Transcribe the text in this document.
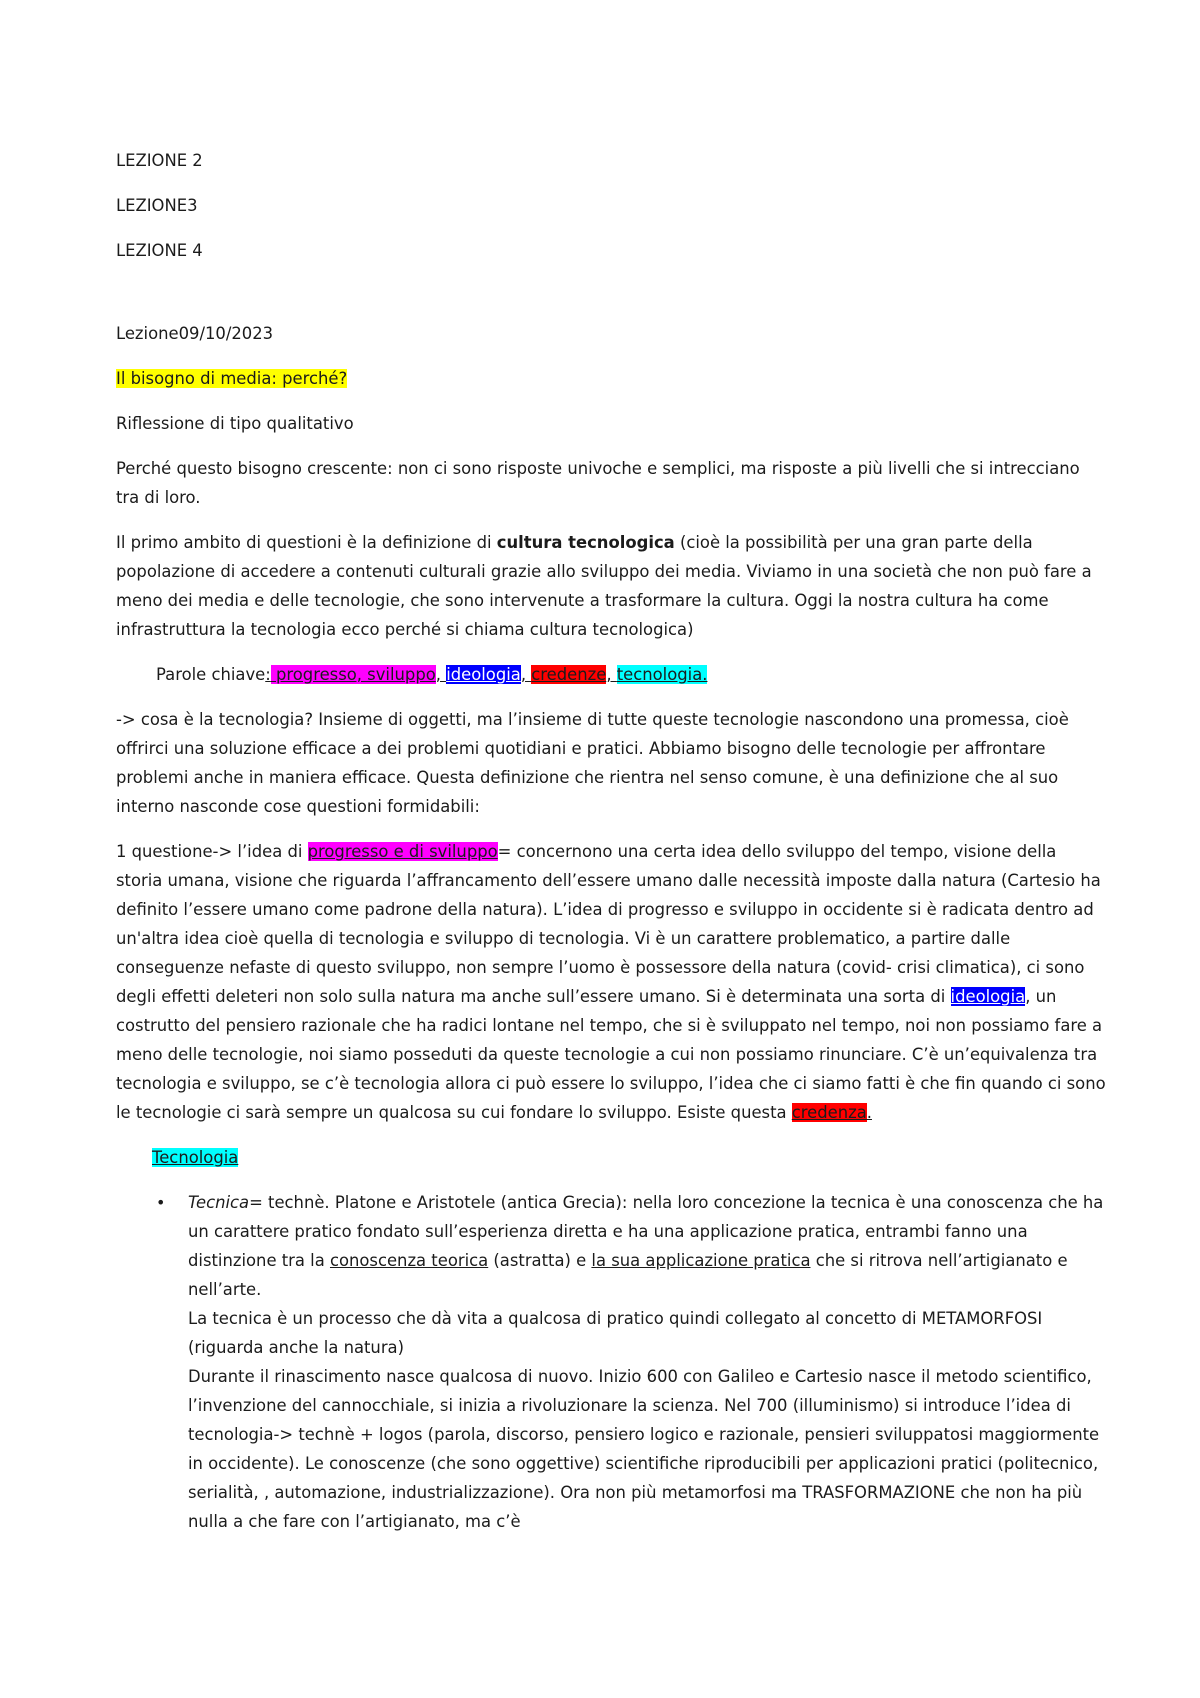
LEZIONE 2

LEZIONE3

LEZIONE 4

Lezione09/10/2023

Il bisogno di media: perché?

Riflessione di tipo qualitativo

Perché questo bisogno crescente: non ci sono risposte univoche e semplici, ma risposte a più livelli che si intrecciano tra di loro.

Il primo ambito di questioni è la definizione di cultura tecnologica (cioè la possibilità per una gran parte della popolazione di accedere a contenuti culturali grazie allo sviluppo dei media. Viviamo in una società che non può fare a meno dei media e delle tecnologie, che sono intervenute a trasformare la cultura. Oggi la nostra cultura ha come infrastruttura la tecnologia ecco perché si chiama cultura tecnologica)

Parole chiave: progresso, sviluppo, ideologia, credenze, tecnologia.

-> cosa è la tecnologia? Insieme di oggetti, ma l’insieme di tutte queste tecnologie nascondono una promessa, cioè offrirci una soluzione efficace a dei problemi quotidiani e pratici. Abbiamo bisogno delle tecnologie per affrontare problemi anche in maniera efficace. Questa definizione che rientra nel senso comune, è una definizione che al suo interno nasconde cose questioni formidabili:

1 questione-> l’idea di progresso e di sviluppo= concernono una certa idea dello sviluppo del tempo, visione della storia umana, visione che riguarda l’affrancamento dell’essere umano dalle necessità imposte dalla natura (Cartesio ha definito l’essere umano come padrone della natura). L’idea di progresso e sviluppo in occidente si è radicata dentro ad un'altra idea cioè quella di tecnologia e sviluppo di tecnologia. Vi è un carattere problematico, a partire dalle conseguenze nefaste di questo sviluppo, non sempre l’uomo è possessore della natura (covid- crisi climatica), ci sono degli effetti deleteri non solo sulla natura ma anche sull’essere umano. Si è determinata una sorta di ideologia, un costrutto del pensiero razionale che ha radici lontane nel tempo, che si è sviluppato nel tempo, noi non possiamo fare a meno delle tecnologie, noi siamo posseduti da queste tecnologie a cui non possiamo rinunciare. C’è un’equivalenza tra tecnologia e sviluppo, se c’è tecnologia allora ci può essere lo sviluppo, l’idea che ci siamo fatti è che fin quando ci sono le tecnologie ci sarà sempre un qualcosa su cui fondare lo sviluppo. Esiste questa credenza.

Tecnologia

• Tecnica= technè. Platone e Aristotele (antica Grecia): nella loro concezione la tecnica è una conoscenza che ha un carattere pratico fondato sull’esperienza diretta e ha una applicazione pratica, entrambi fanno una distinzione tra la conoscenza teorica (astratta) e la sua applicazione pratica che si ritrova nell’artigianato e nell’arte.

La tecnica è un processo che dà vita a qualcosa di pratico quindi collegato al concetto di METAMORFOSI (riguarda anche la natura)

Durante il rinascimento nasce qualcosa di nuovo. Inizio 600 con Galileo e Cartesio nasce il metodo scientifico, l’invenzione del cannocchiale, si inizia a rivoluzionare la scienza. Nel 700 (illuminismo) si introduce l’idea di tecnologia-> technè + logos (parola, discorso, pensiero logico e razionale, pensieri sviluppatosi maggiormente in occidente). Le conoscenze (che sono oggettive) scientifiche riproducibili per applicazioni pratici (politecnico, serialità, , automazione, industrializzazione). Ora non più metamorfosi ma TRASFORMAZIONE che non ha più nulla a che fare con l’artigianato, ma c’è
